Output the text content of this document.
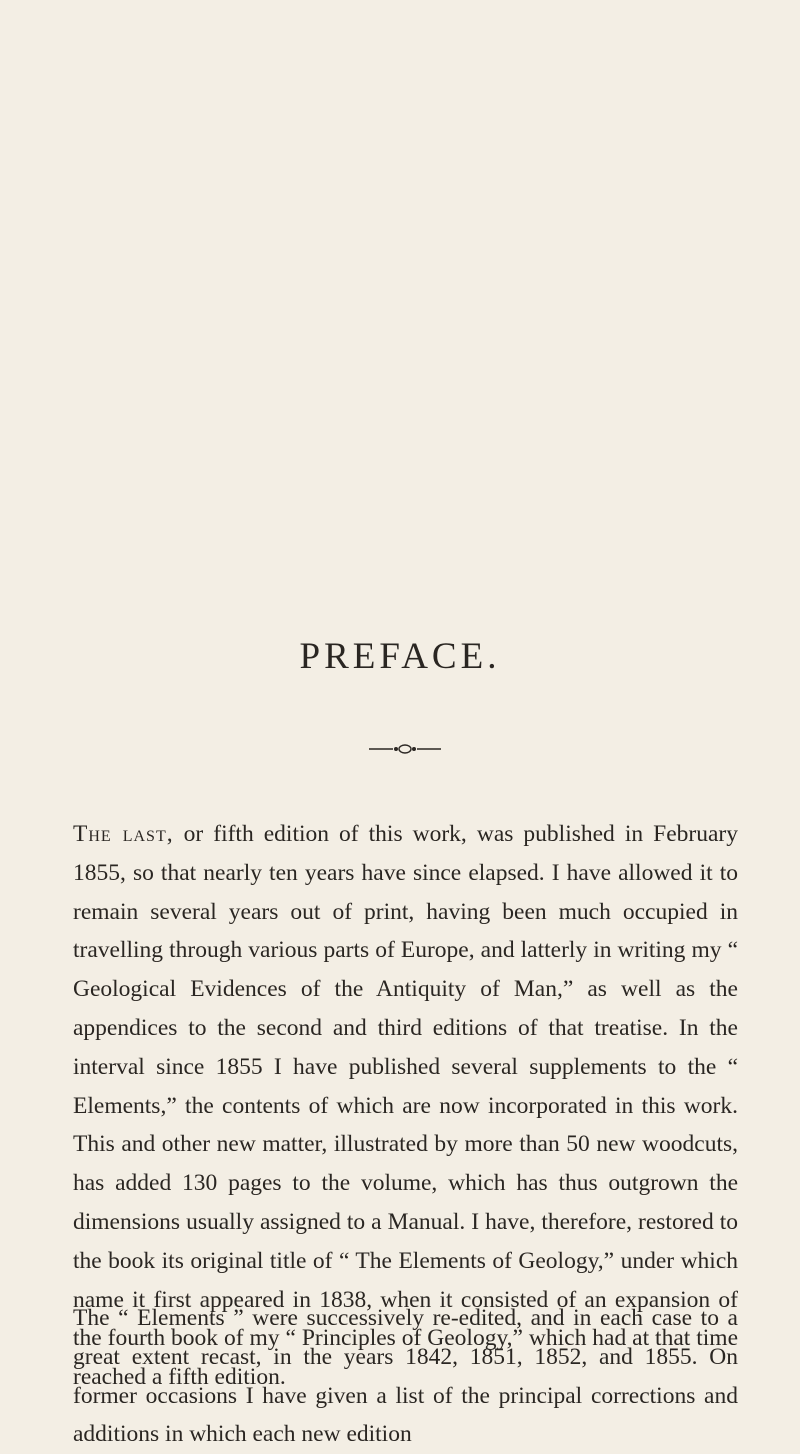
PREFACE.

The last, or fifth edition of this work, was published in February 1855, so that nearly ten years have since elapsed. I have allowed it to remain several years out of print, having been much occupied in travelling through various parts of Europe, and latterly in writing my “ Geological Evidences of the Antiquity of Man,” as well as the appendices to the second and third editions of that treatise. In the interval since 1855 I have published several supplements to the “ Elements,” the contents of which are now incorporated in this work. This and other new matter, illustrated by more than 50 new woodcuts, has added 130 pages to the volume, which has thus outgrown the dimensions usually assigned to a Manual. I have, therefore, restored to the book its original title of “ The Elements of Geology,” under which name it first appeared in 1838, when it consisted of an expansion of the fourth book of my “ Principles of Geology,” which had at that time reached a fifth edition.

The “ Elements ” were successively re-edited, and in each case to a great extent recast, in the years 1842, 1851, 1852, and 1855. On former occasions I have given a list of the principal corrections and additions in which each new edition
